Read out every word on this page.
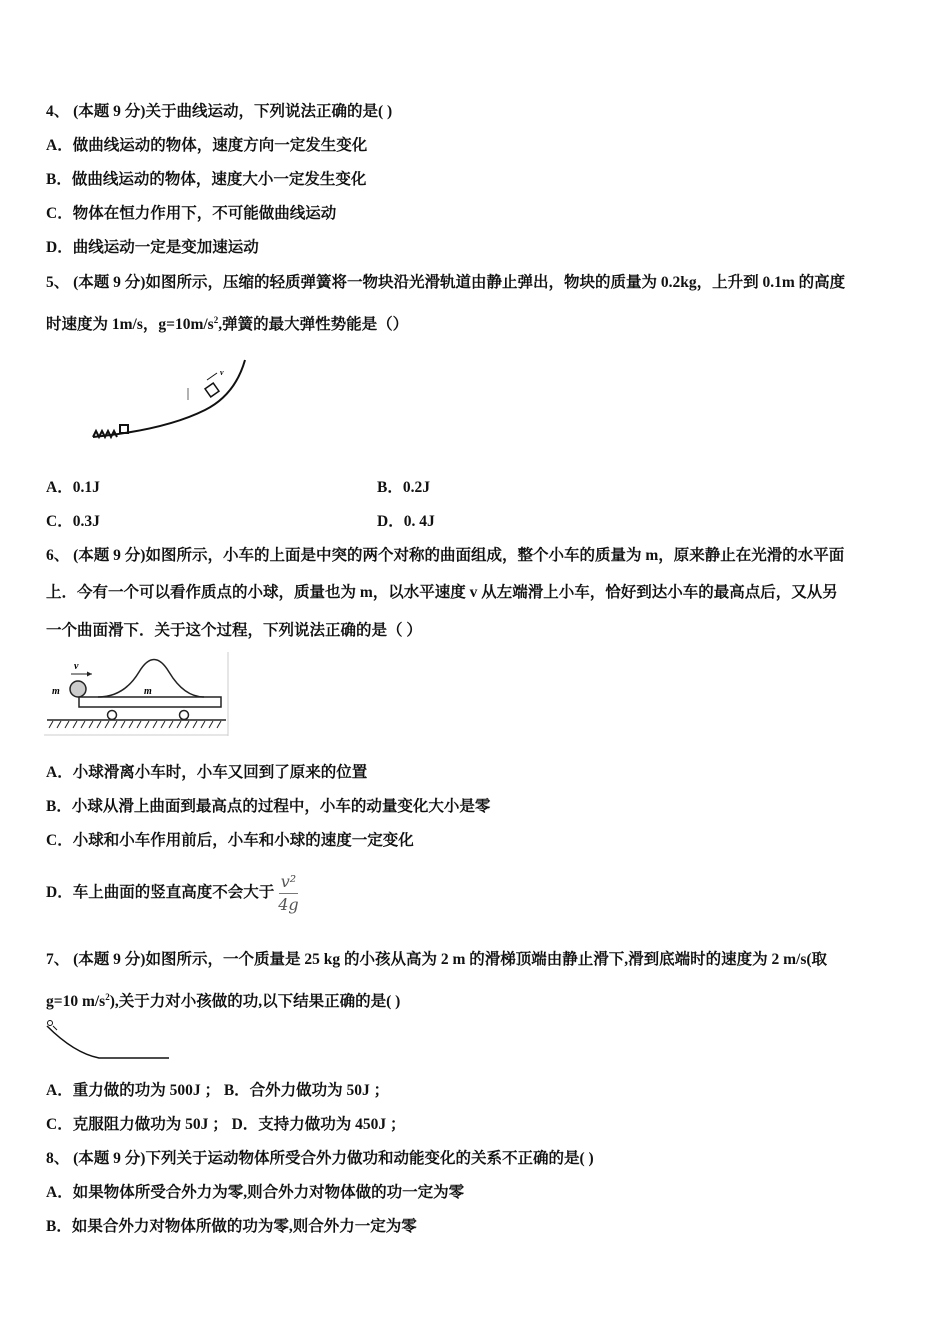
4、 (本题 9 分)关于曲线运动，下列说法正确的是( )
A．做曲线运动的物体，速度方向一定发生变化
B．做曲线运动的物体，速度大小一定发生变化
C．物体在恒力作用下，不可能做曲线运动
D．曲线运动一定是变加速运动
5、 (本题 9 分)如图所示，压缩的轻质弹簧将一物块沿光滑轨道由静止弹出，物块的质量为 0.2kg，上升到 0.1m 的高度
时速度为 1m/s，$g=10m/s^2$,弹簧的最大弹性势能是（）
v
A．0.1J	B．0.2J
C．0.3J	D．0. 4J
6、 (本题 9 分)如图所示，小车的上面是中突的两个对称的曲面组成，整个小车的质量为 m，原来静止在光滑的水平面
上．今有一个可以看作质点的小球，质量也为 m，以水平速度 v 从左端滑上小车，恰好到达小车的最高点后，又从另
一个曲面滑下．关于这个过程，下列说法正确的是（ ）
v
m	m
A．小球滑离小车时，小车又回到了原来的位置
B．小球从滑上曲面到最高点的过程中，小车的动量变化大小是零
C．小球和小车作用前后，小车和小球的速度一定变化
D．车上曲面的竖直高度不会大于 $\frac{\text{v²}}{4g}$
7、 (本题 9 分)如图所示，一个质量是 25 kg 的小孩从高为 2 m 的滑梯顶端由静止滑下,滑到底端时的速度为 2 m/s(取
g=10 $m/s^2$),关于力对小孩做的功,以下结果正确的是( )
A．重力做的功为 500J ； B．合外力做功为 50J ；
C．克服阻力做功为 50J ； D．支持力做功为 450J ；
8、 (本题 9 分)下列关于运动物体所受合外力做功和动能变化的关系不正确的是( )
A．如果物体所受合外力为零,则合外力对物体做的功一定为零
B．如果合外力对物体所做的功为零,则合外力一定为零
